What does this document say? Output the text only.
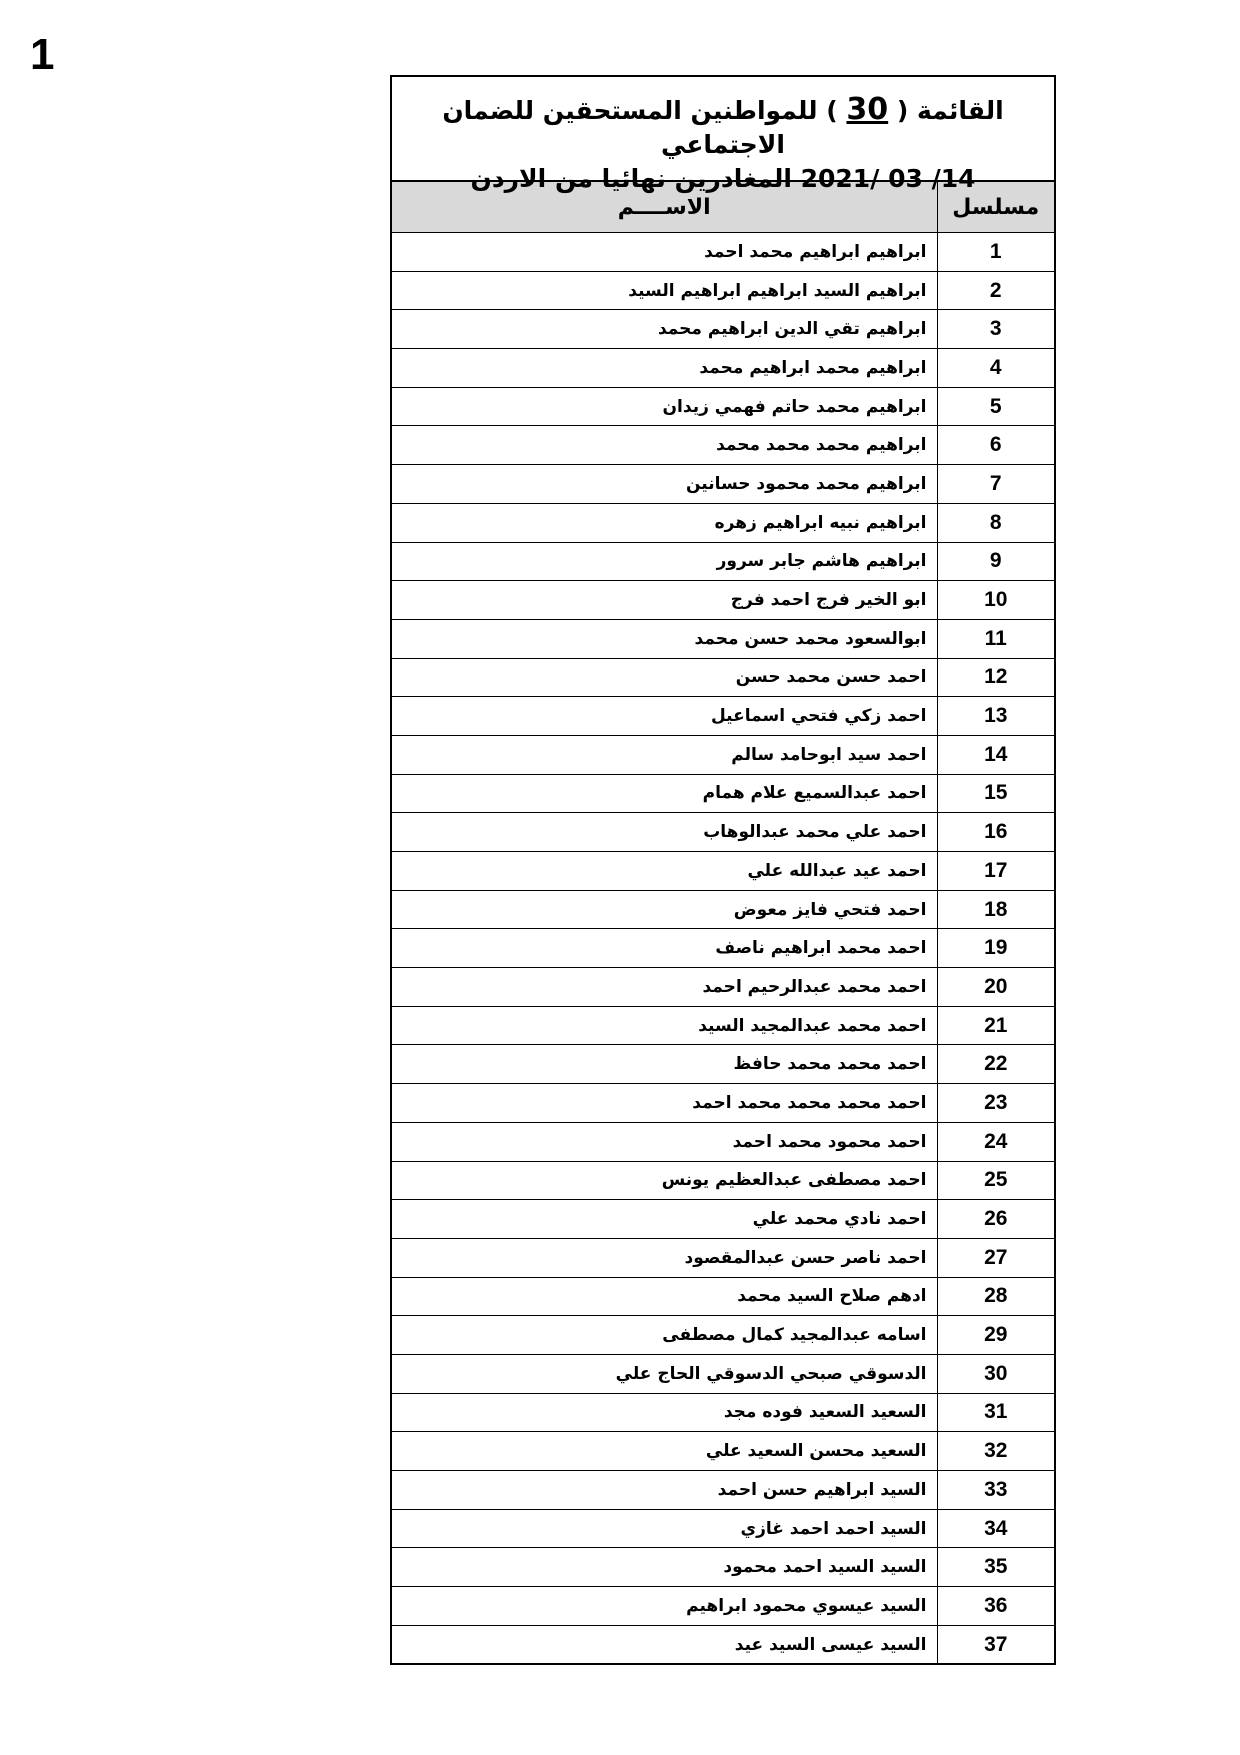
1
القائمة ( 30 ) للمواطنين المستحقين للضمان الاجتماعي
14/ 03 /2021 المغادرين نهائيا من الاردن
مسلسل	الاســــم
1	ابراهيم ابراهيم محمد احمد
2	ابراهيم السيد ابراهيم ابراهيم السيد
3	ابراهيم تقي الدين ابراهيم محمد
4	ابراهيم محمد ابراهيم محمد
5	ابراهيم محمد حاتم فهمي زيدان
6	ابراهيم محمد محمد محمد
7	ابراهيم محمد محمود حسانين
8	ابراهيم نبيه ابراهيم زهره
9	ابراهيم هاشم جابر سرور
10	ابو الخير فرج احمد فرج
11	ابوالسعود محمد حسن محمد
12	احمد حسن محمد حسن
13	احمد زكي فتحي اسماعيل
14	احمد سيد ابوحامد سالم
15	احمد عبدالسميع علام همام
16	احمد علي محمد عبدالوهاب
17	احمد عيد عبدالله علي
18	احمد فتحي فايز معوض
19	احمد محمد ابراهيم ناصف
20	احمد محمد عبدالرحيم احمد
21	احمد محمد عبدالمجيد السيد
22	احمد محمد محمد حافظ
23	احمد محمد محمد محمد احمد
24	احمد محمود محمد احمد
25	احمد مصطفى عبدالعظيم يونس
26	احمد نادي محمد علي
27	احمد ناصر حسن عبدالمقصود
28	ادهم صلاح السيد محمد
29	اسامه عبدالمجيد كمال مصطفى
30	الدسوقي صبحي الدسوقي الحاج علي
31	السعيد السعيد فوده مجد
32	السعيد محسن السعيد علي
33	السيد ابراهيم حسن احمد
34	السيد احمد احمد غازي
35	السيد السيد احمد محمود
36	السيد عيسوي محمود ابراهيم
37	السيد عيسى السيد عيد
